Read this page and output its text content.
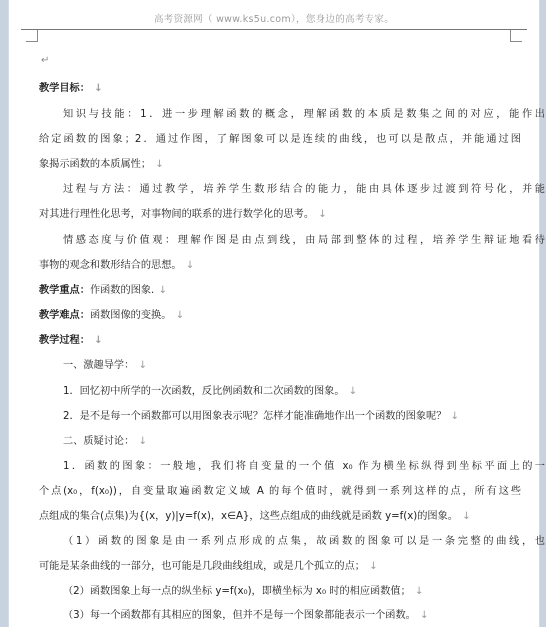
高考资源网（ www.ks5u.com），您身边的高考专家。
↵
教学目标： ↓
知识与技能：1．进一步理解函数的概念，理解函数的本质是数集之间的对应，能作出
给定函数的图象；2．通过作图，了解图象可以是连续的曲线，也可以是散点，并能通过图
象揭示函数的本质属性； ↓
过程与方法：通过教学，培养学生数形结合的能力，能由具体逐步过渡到符号化，并能
对其进行理性化思考，对事物间的联系的进行数学化的思考。 ↓
情感态度与价值观：理解作图是由点到线，由局部到整体的过程，培养学生辩证地看待
事物的观念和数形结合的思想。 ↓
教学重点：作函数的图象. ↓
教学难点：函数图像的变换。 ↓
教学过程： ↓
一、激趣导学： ↓
1．回忆初中所学的一次函数，反比例函数和二次函数的图象。 ↓
2．是不是每一个函数都可以用图象表示呢？怎样才能准确地作出一个函数的图象呢？ ↓
二、质疑讨论： ↓
1．函数的图象：一般地，我们将自变量的一个值 x₀ 作为横坐标纵得到坐标平面上的一
个点(x₀，f(x₀))，自变量取遍函数定义域 A 的每个值时，就得到一系列这样的点，所有这些
点组成的集合(点集)为{(x，y)|y=f(x)，x∈A}，这些点组成的曲线就是函数 y=f(x)的图象。 ↓
（1）函数的图象是由一系列点形成的点集，故函数的图象可以是一条完整的曲线，也
可能是某条曲线的一部分，也可能是几段曲线组成，或是几个孤立的点； ↓
（2）函数图象上每一点的纵坐标 y=f(x₀)，即横坐标为 x₀ 时的相应函数值； ↓
（3）每一个函数都有其相应的图象，但并不是每一个图象都能表示一个函数。 ↓
